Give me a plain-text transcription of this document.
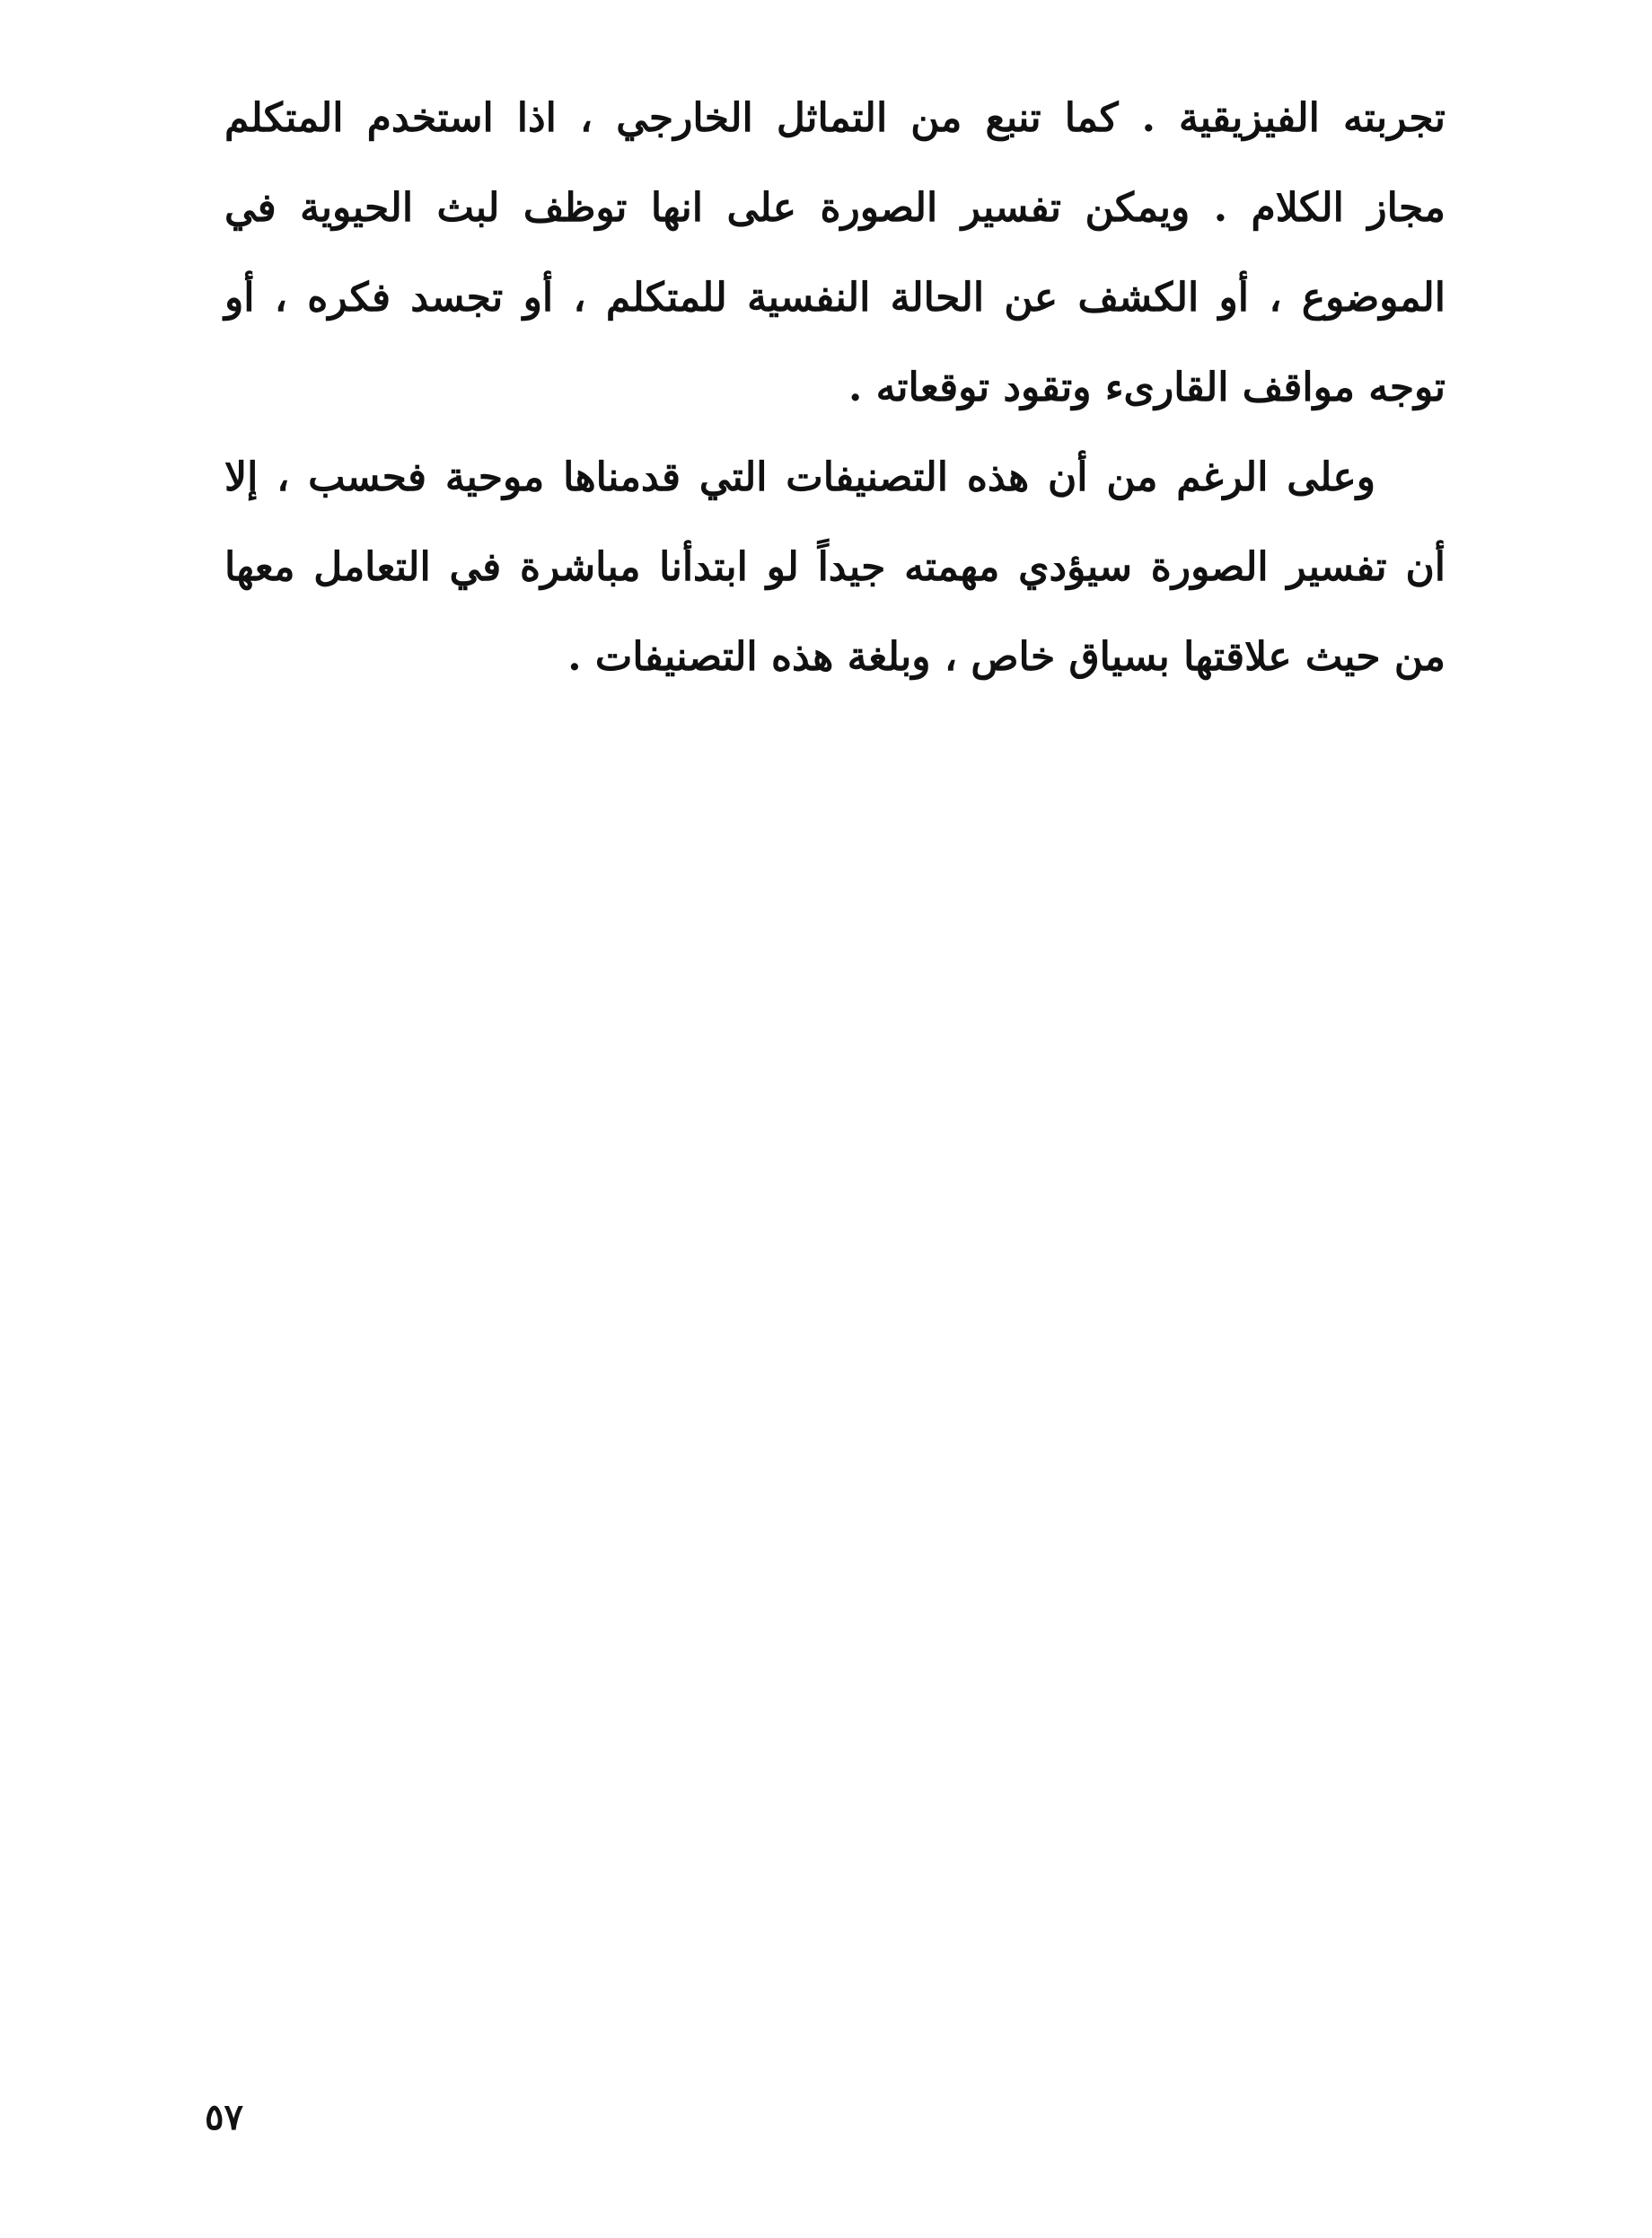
تجربته الفيزيقية . كما تنبع من التماثل الخارجي ، اذا استخدم المتكلم
مجاز الكلام . ويمكن تفسير الصورة على انها توظف لبث الحيوية في
الموضوع ، أو الكشف عن الحالة النفسية للمتكلم ، أو تجسد فكره ، أو
توجه مواقف القارىء وتقود توقعاته .
وعلى الرغم من أن هذه التصنيفات التي قدمناها موحية فحسب ، إلا
أن تفسير الصورة سيؤدي مهمته جيداً لو ابتدأنا مباشرة في التعامل معها
من حيث علاقتها بسياق خاص ، وبلغة هذه التصنيفات .
٥٧
